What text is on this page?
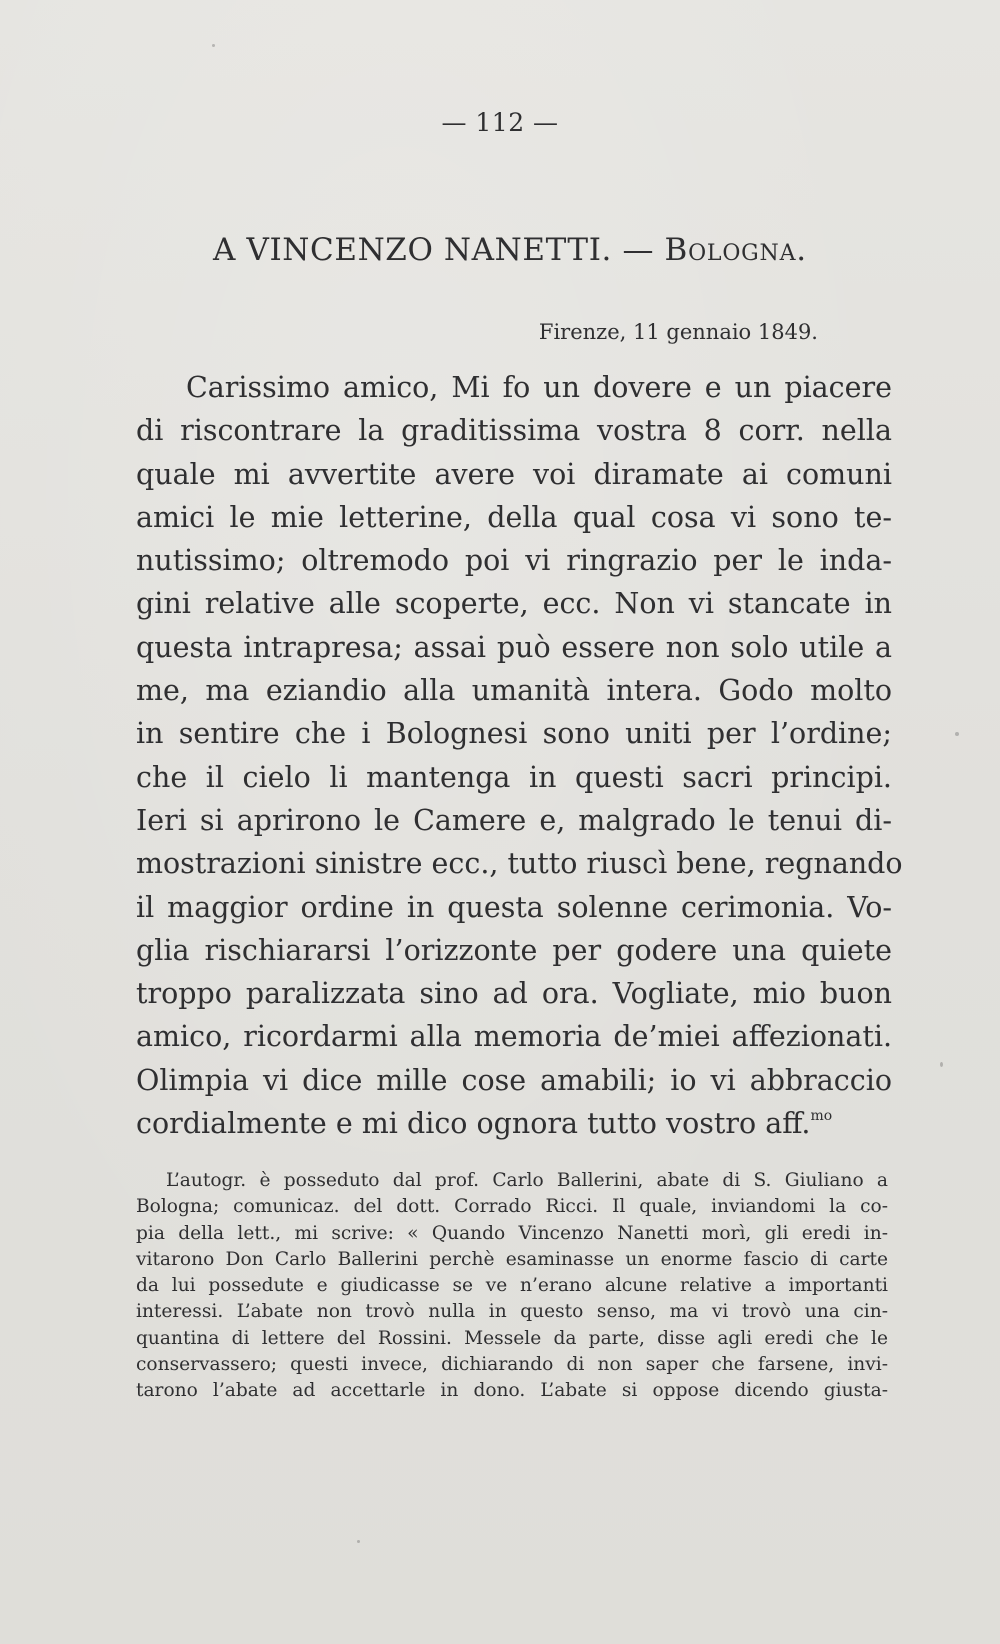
— 112 —
A VINCENZO NANETTI. — Bologna.
Firenze, 11 gennaio 1849.
Carissimo amico, Mi fo un dovere e un piacere
di riscontrare la graditissima vostra 8 corr. nella
quale mi avvertite avere voi diramate ai comuni
amici le mie letterine, della qual cosa vi sono te-
nutissimo; oltremodo poi vi ringrazio per le inda-
gini relative alle scoperte, ecc. Non vi stancate in
questa intrapresa; assai può essere non solo utile a
me, ma eziandio alla umanità intera. Godo molto
in sentire che i Bolognesi sono uniti per l’ordine;
che il cielo li mantenga in questi sacri principi.
Ieri si aprirono le Camere e, malgrado le tenui di-
mostrazioni sinistre ecc., tutto riuscì bene, regnando
il maggior ordine in questa solenne cerimonia. Vo-
glia rischiararsi l’orizzonte per godere una quiete
troppo paralizzata sino ad ora. Vogliate, mio buon
amico, ricordarmi alla memoria de’miei affezionati.
Olimpia vi dice mille cose amabili; io vi abbraccio
cordialmente e mi dico ognora tutto vostro aff.$^{mo}$
L’autogr. è posseduto dal prof. Carlo Ballerini, abate di S. Giuliano a
Bologna; comunicaz. del dott. Corrado Ricci. Il quale, inviandomi la co-
pia della lett., mi scrive: « Quando Vincenzo Nanetti morì, gli eredi in-
vitarono Don Carlo Ballerini perchè esaminasse un enorme fascio di carte
da lui possedute e giudicasse se ve n’erano alcune relative a importanti
interessi. L’abate non trovò nulla in questo senso, ma vi trovò una cin-
quantina di lettere del Rossini. Messele da parte, disse agli eredi che le
conservassero; questi invece, dichiarando di non saper che farsene, invi-
tarono l’abate ad accettarle in dono. L’abate si oppose dicendo giusta-
